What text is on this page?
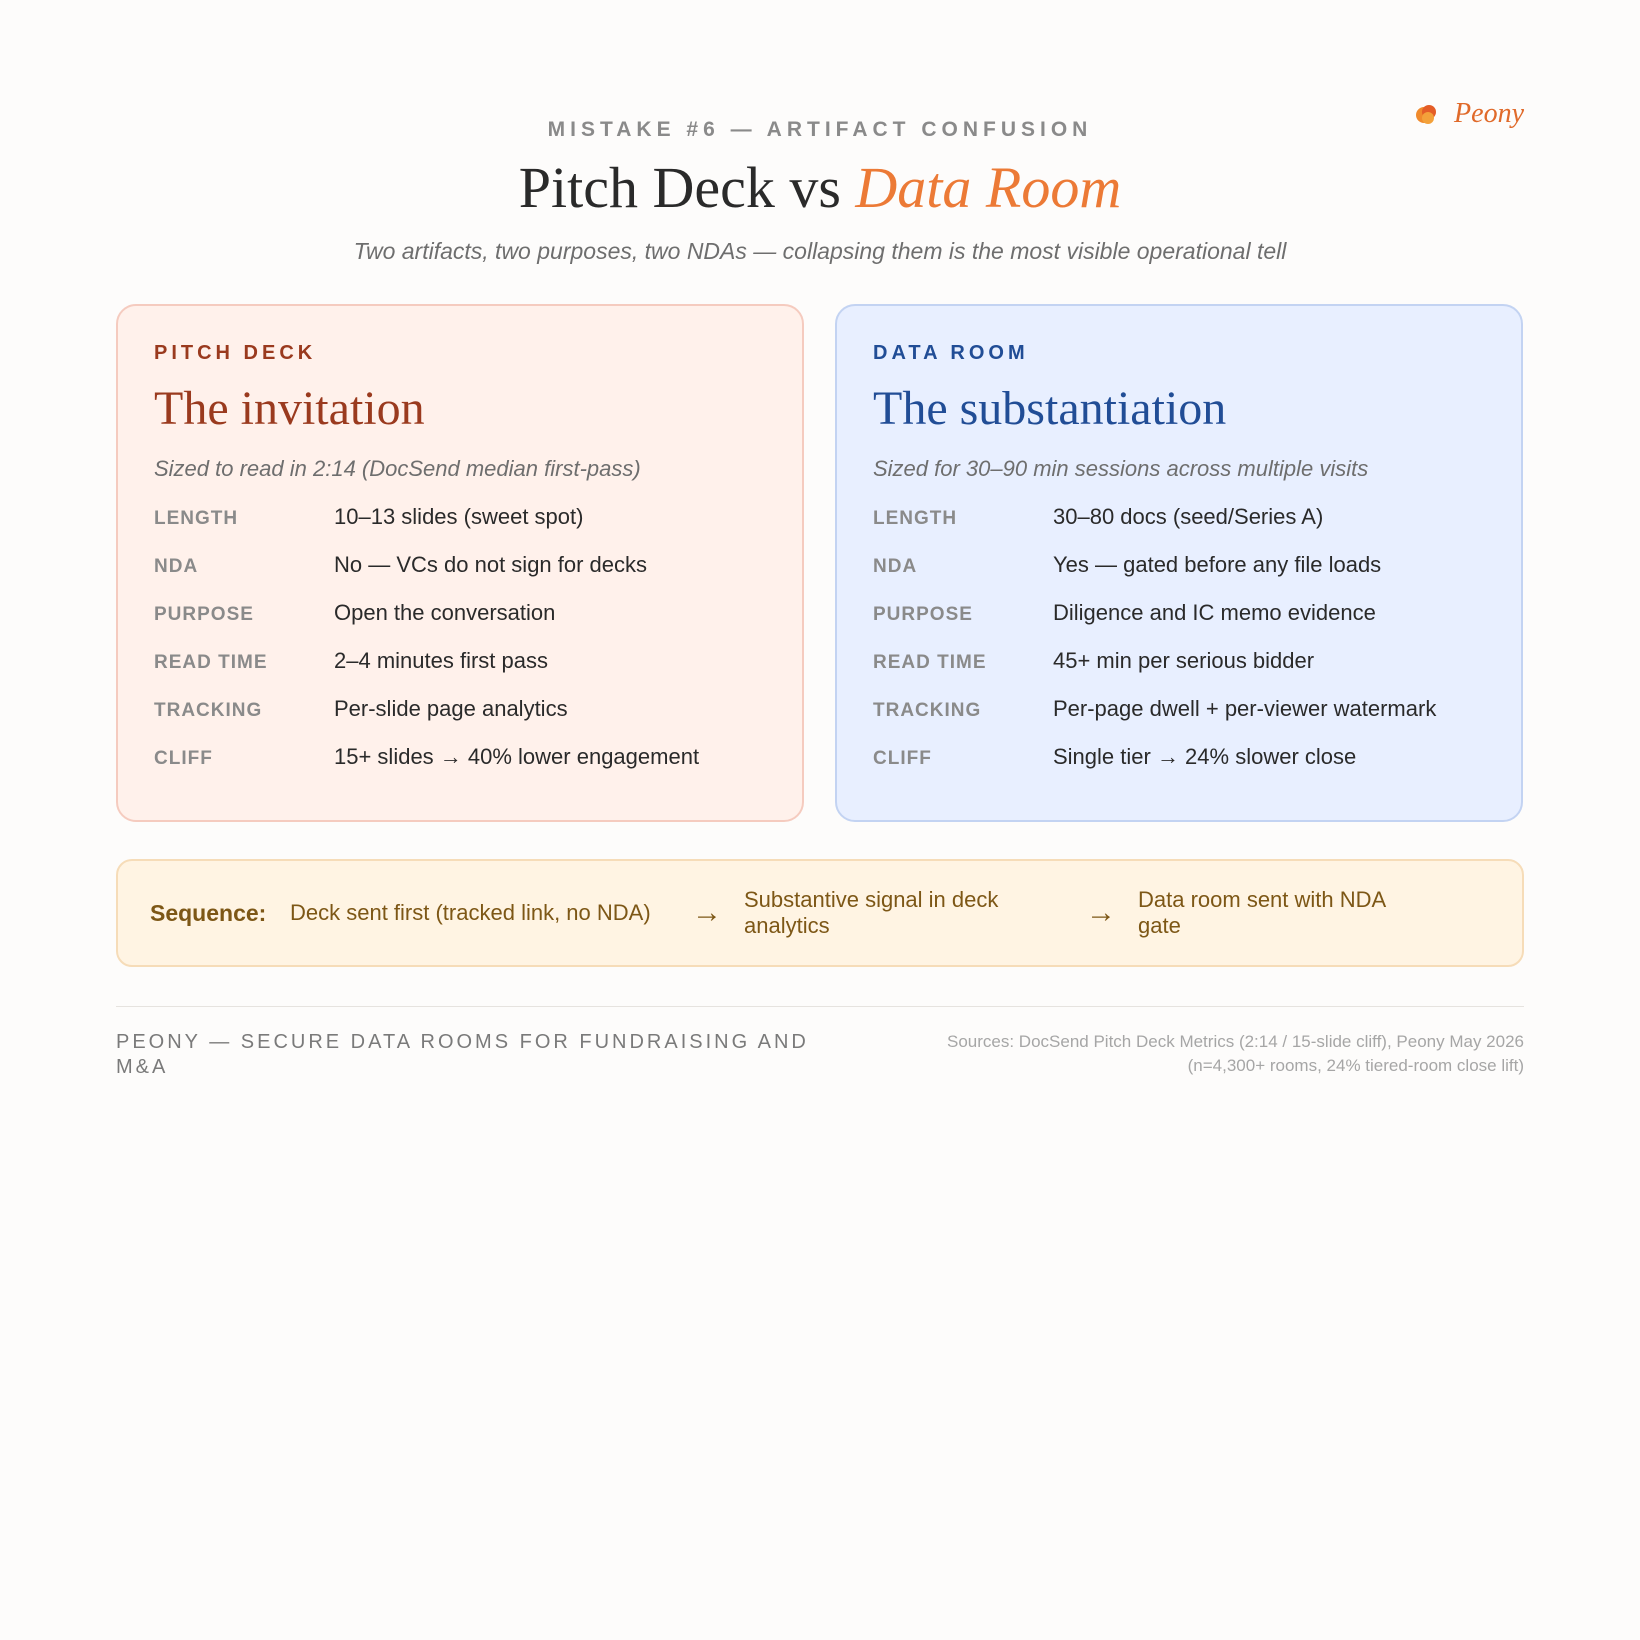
Peony

MISTAKE #6 — ARTIFACT CONFUSION

Pitch Deck vs Data Room

Two artifacts, two purposes, two NDAs — collapsing them is the most visible operational tell

PITCH DECK

The invitation

Sized to read in 2:14 (DocSend median first-pass)

LENGTH	10–13 slides (sweet spot)
NDA	No — VCs do not sign for decks
PURPOSE	Open the conversation
READ TIME	2–4 minutes first pass
TRACKING	Per-slide page analytics
CLIFF	15+ slides → 40% lower engagement

DATA ROOM

The substantiation

Sized for 30–90 min sessions across multiple visits

LENGTH	30–80 docs (seed/Series A)
NDA	Yes — gated before any file loads
PURPOSE	Diligence and IC memo evidence
READ TIME	45+ min per serious bidder
TRACKING	Per-page dwell + per-viewer watermark
CLIFF	Single tier → 24% slower close
Sequence:	Deck sent first (tracked link, no NDA)	→	Substantive signal in deck analytics	→	Data room sent with NDA gate
PEONY — SECURE DATA ROOMS FOR FUNDRAISING AND M&A
Sources: DocSend Pitch Deck Metrics (2:14 / 15-slide cliff), Peony May 2026
(n=4,300+ rooms, 24% tiered-room close lift)
